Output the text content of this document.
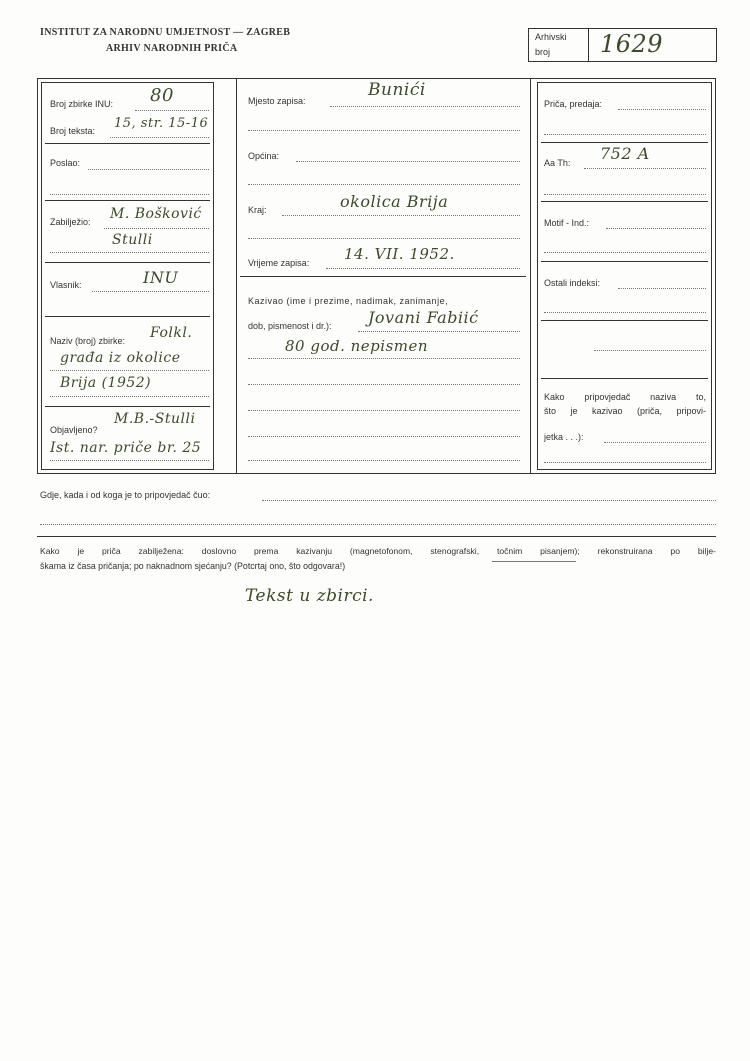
INSTITUT ZA NARODNU UMJETNOST — ZAGREB
ARHIV NARODNIH PRIČA
Arhivski
broj 1629
Broj zbirke INU: 80
Broj teksta: 15, str. 15-16
Poslao:
Zabilježio: M. Bošković
Stulli
Vlasnik:	INU
Naziv (broj) zbirke: Folkl.
građa iz okolice
Brija (1952)
Objavljeno?
M.B.-Stulli
Ist. nar. priče br. 25
Mjesto zapisa:
Bunići
Općina:
Kraj:	okolica Brija
Vrijeme zapisa: 14. VII. 1952.
Kazivao (ime i prezime, nadimak, zanimanje,
dob, pismenost i dr.): Jovani Fabiić
80 god. nepismen
Priča, predaja:
Aa Th: 752 A
Motif - Ind.:
Ostali indeksi:
Kako pripovjedač naziva to,
što je kazivao (priča, pripovi-
jetka . . .):
Gdje, kada i od koga je to pripovjedač čuo:
Kako je priča zabilježena: doslovno prema kazivanju (magnetofonom, stenografski, točnim pisanjem); rekonstruirana po bilje-
škama iz časa pričanja; po naknadnom sjećanju? (Potcrtaj ono, što odgovara!)
Tekst u zbirci.
